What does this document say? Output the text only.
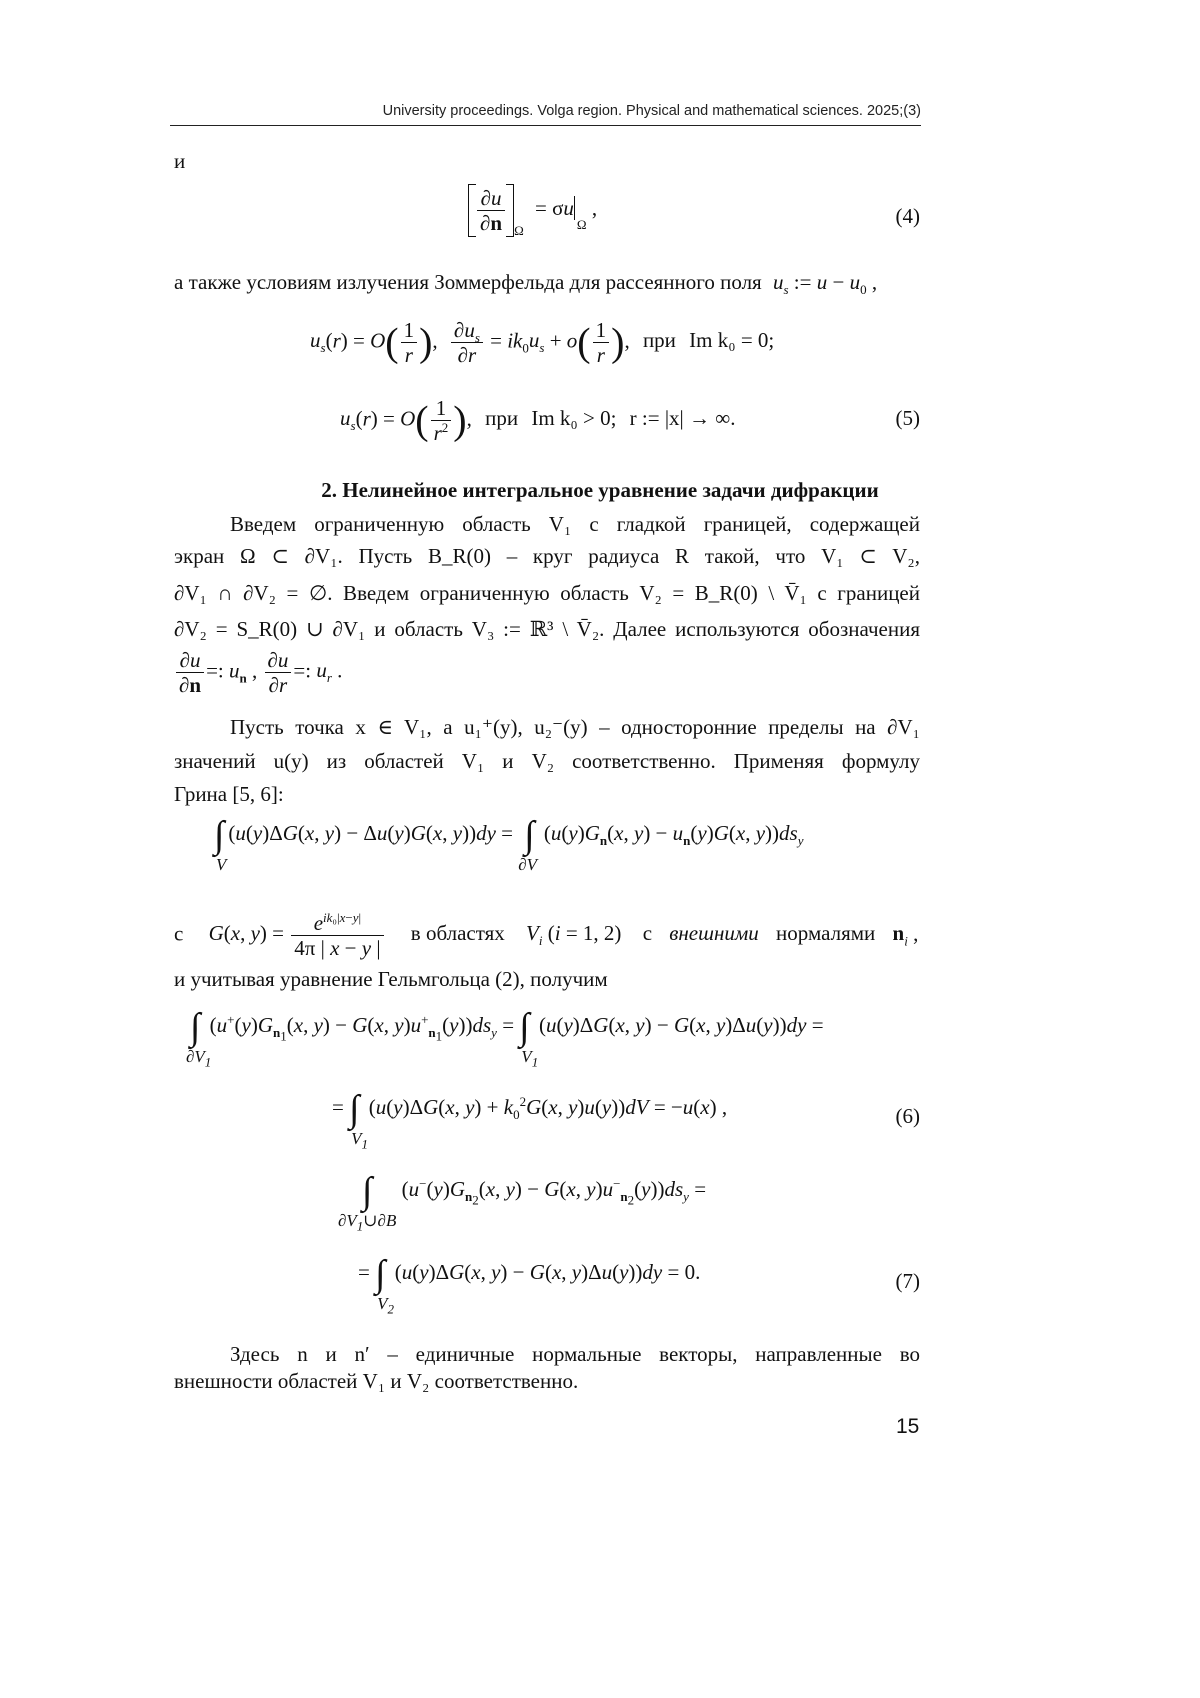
University proceedings. Volga region. Physical and mathematical sciences. 2025;(3)
и
$\frac{\partial u}{\partial n} _\Omega = \sigma u_\Omega$ ,	(4)
а также условиям излучения Зоммерфельда для рассеянного поля $u_s$ := $u - u_0$ ,
$u_s(r) = O( \frac{1}{r}$ ), $\frac{\partial u_s}{\partial r} = ik_0u_s + o( \frac{1}{r}$ ), при Im k₀ = 0;
$u_s(r) = O( \frac{1}{r^2}$ ), при Im k₀ > 0; r := |x| → ∞.	(5)
2. Нелинейное интегральное уравнение задачи дифракции
Введем ограниченную область V₁ с гладкой границей, содержащей
экран Ω ⊂ ∂V₁. Пусть B_R(0) – круг радиуса R такой, что V₁ ⊂ V₂,
∂V₁ ∩ ∂V₂ = ∅. Введем ограниченную область V₂ = B_R(0) \ V̄₁ с границей
∂V₂ = S_R(0) ∪ ∂V₁ и область V₃ := ℝ³ \ V̄₂. Далее используются обозначения
$\frac{\partial u}{\partial n}$ =: $u_n$ , $\frac{\partial u}{\partial r}$ =: $u_r$ .
Пусть точка x ∈ V₁, а u₁⁺(y), u₂⁻(y) – односторонние пределы на ∂V₁
значений u(y) из областей V₁ и V₂ соответственно. Применяя формулу
Грина [5, 6]:
∫
V
(u(y)ΔG(x, y) − Δu(y)G(x, y))dy = ∫
∂V
($u(y)G_n(x$, $y) - u_n(y)G(x$, $y))ds_y$
с G(x, $y) = \frac{e^{ik_0|x-y|}}{4\pi | x - y |}$ в областях $V_i$ (i = 1, 2) с внешними нормалями $n_i$ ,
и учитывая уравнение Гельмгольца (2), получим
∫
$\partial V_1$
($u^+(y)G_{n_1}(x$, y) − G(x, $y)u^+_{n_1}(y))ds_y$ = ∫
$V_1$
(u(y)ΔG(x, y) − G(x, y)Δu(y))dy =
= ∫
$V_1$
(u(y)ΔG(x, $y) + k_0^2G(x$, y)u(y))dV = −u(x) ,	(6)
∫
$\partial V_1\cup\partial B$
($u^-(y)G_{n_2}(x$, y) − G(x, $y)u^-_{n_2}(y))ds_y$ =
= ∫
$V_2$
(u(y)ΔG(x, y) − G(x, y)Δu(y))dy = 0.	(7)
Здесь n и n′ – единичные нормальные векторы, направленные во
внешности областей V₁ и V₂ соответственно.
15
